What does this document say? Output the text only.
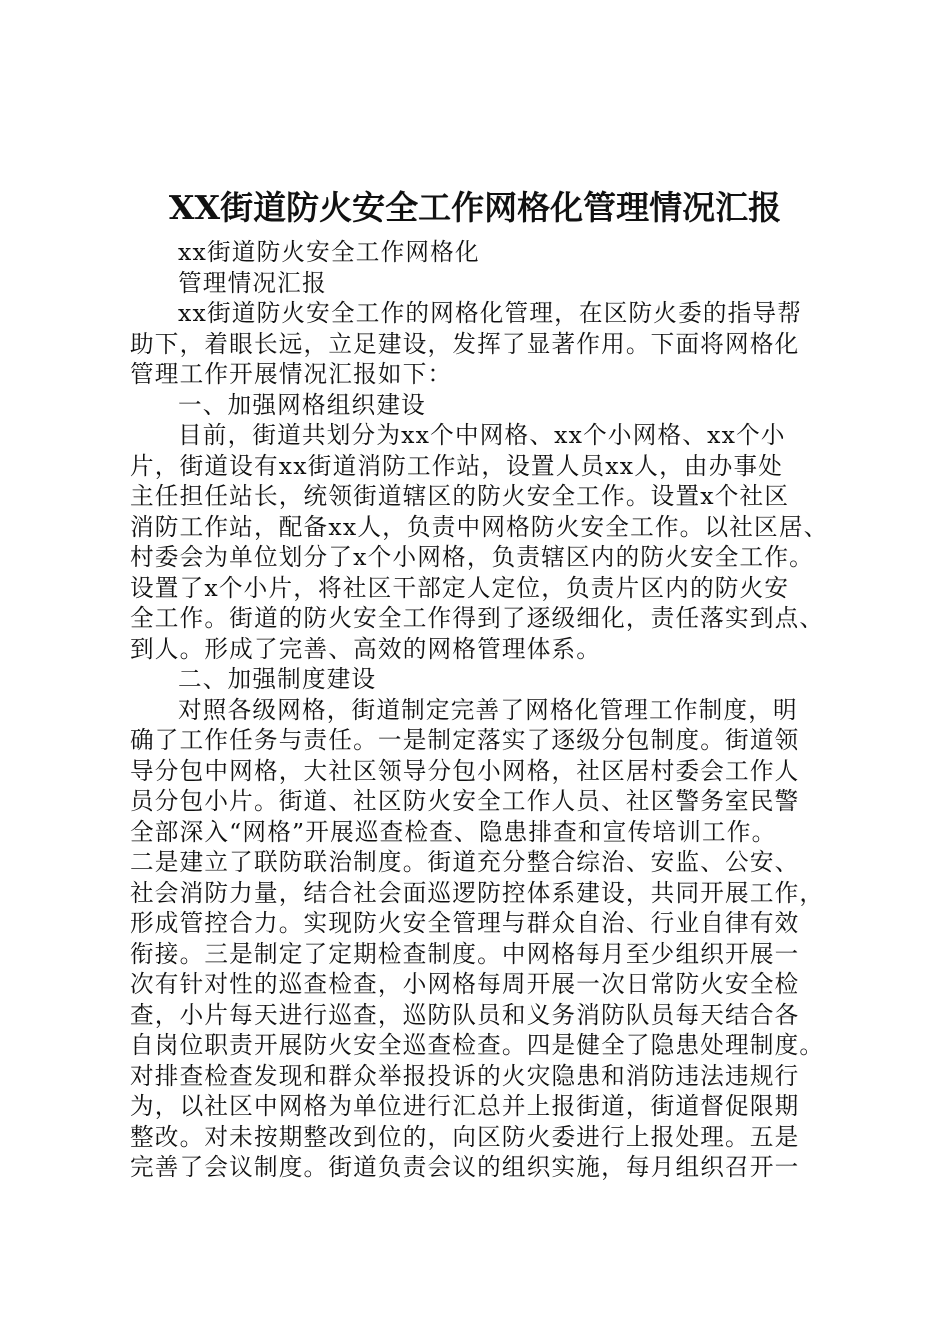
XX街道防火安全工作网格化管理情况汇报
xx街道防火安全工作网格化
管理情况汇报
xx街道防火安全工作的网格化管理，在区防火委的指导帮
助下，着眼长远，立足建设，发挥了显著作用。下面将网格化
管理工作开展情况汇报如下：
一、加强网格组织建设
目前，街道共划分为xx个中网格、xx个小网格、xx个小
片，街道设有xx街道消防工作站，设置人员xx人，由办事处
主任担任站长，统领街道辖区的防火安全工作。设置x个社区
消防工作站，配备xx人，负责中网格防火安全工作。以社区居、
村委会为单位划分了x个小网格，负责辖区内的防火安全工作。
设置了x个小片，将社区干部定人定位，负责片区内的防火安
全工作。街道的防火安全工作得到了逐级细化，责任落实到点、
到人。形成了完善、高效的网格管理体系。
二、加强制度建设
对照各级网格，街道制定完善了网格化管理工作制度，明
确了工作任务与责任。一是制定落实了逐级分包制度。街道领
导分包中网格，大社区领导分包小网格，社区居村委会工作人
员分包小片。街道、社区防火安全工作人员、社区警务室民警
全部深入“网格”开展巡查检查、隐患排查和宣传培训工作。
二是建立了联防联治制度。街道充分整合综治、安监、公安、
社会消防力量，结合社会面巡逻防控体系建设，共同开展工作，
形成管控合力。实现防火安全管理与群众自治、行业自律有效
衔接。三是制定了定期检查制度。中网格每月至少组织开展一
次有针对性的巡查检查，小网格每周开展一次日常防火安全检
查，小片每天进行巡查，巡防队员和义务消防队员每天结合各
自岗位职责开展防火安全巡查检查。四是健全了隐患处理制度。
对排查检查发现和群众举报投诉的火灾隐患和消防违法违规行
为，以社区中网格为单位进行汇总并上报街道，街道督促限期
整改。对未按期整改到位的，向区防火委进行上报处理。五是
完善了会议制度。街道负责会议的组织实施，每月组织召开一
